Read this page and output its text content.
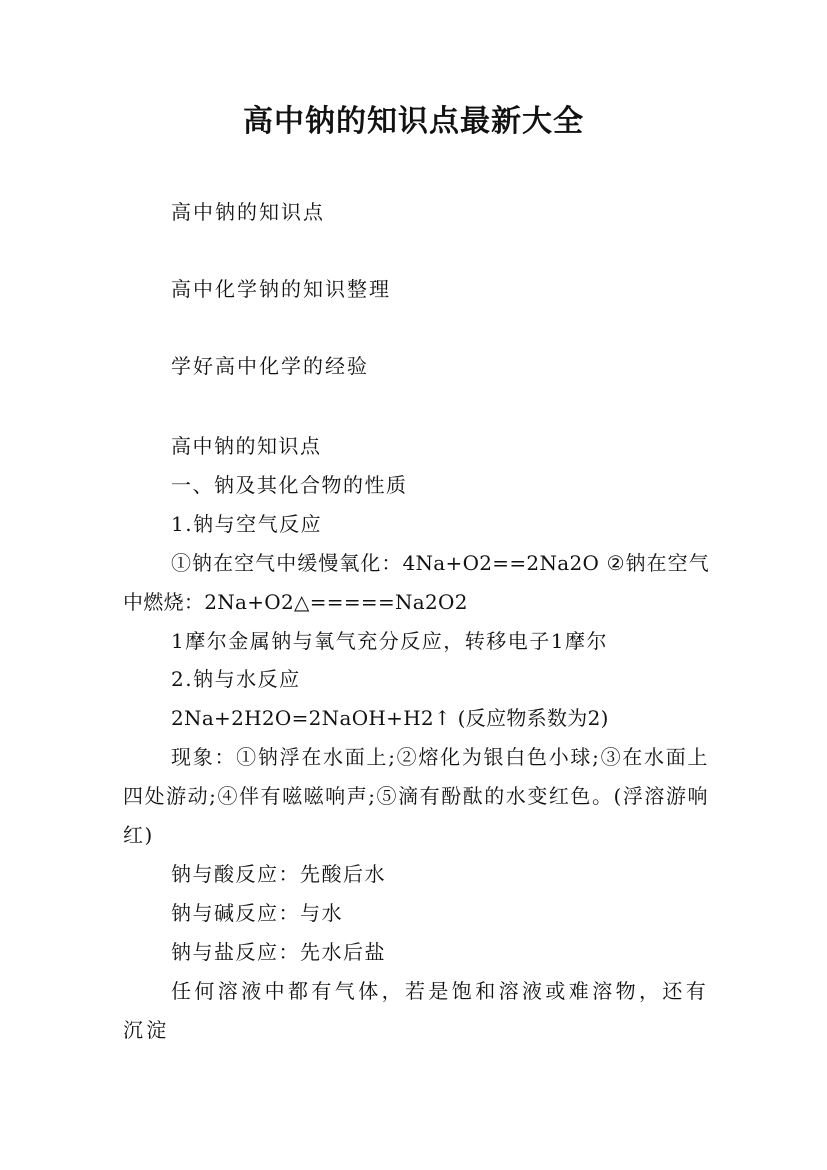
高中钠的知识点最新大全
高中钠的知识点
高中化学钠的知识整理
学好高中化学的经验

高中钠的知识点

一、钠及其化合物的性质

1.钠与空气反应

①钠在空气中缓慢氧化：4Na+O2==2Na2O ②钠在空气中燃烧：2Na+O2△=====Na2O2

1摩尔金属钠与氧气充分反应，转移电子1摩尔

2.钠与水反应

2Na+2H2O=2NaOH+H2↑ (反应物系数为2)

现象：①钠浮在水面上;②熔化为银白色小球;③在水面上四处游动;④伴有嗞嗞响声;⑤滴有酚酞的水变红色。(浮溶游响红)

钠与酸反应：先酸后水

钠与碱反应：与水

钠与盐反应：先水后盐

任何溶液中都有气体，若是饱和溶液或难溶物，还有沉淀
